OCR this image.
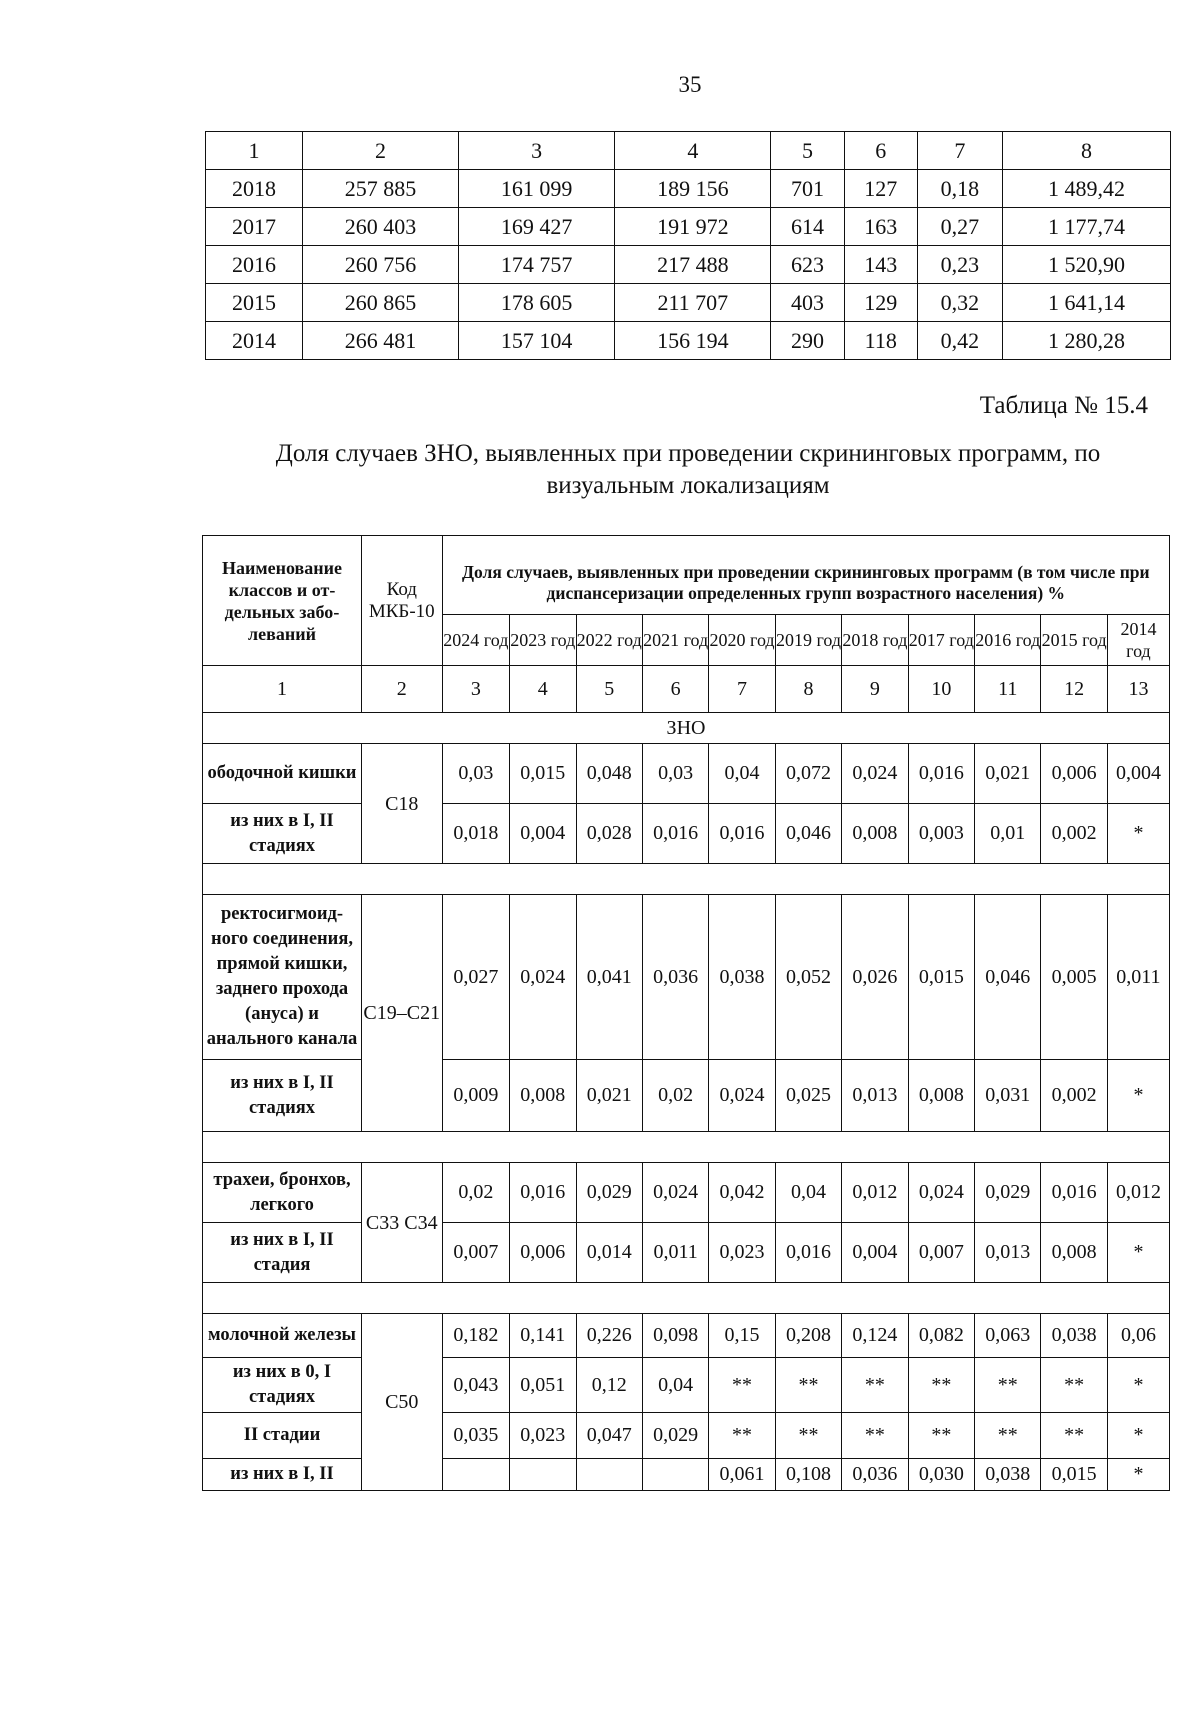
35
1	2	3	4	5	6	7	8
2018	257 885	161 099	189 156	701	127	0,18	1 489,42
2017	260 403	169 427	191 972	614	163	0,27	1 177,74
2016	260 756	174 757	217 488	623	143	0,23	1 520,90
2015	260 865	178 605	211 707	403	129	0,32	1 641,14
2014	266 481	157 104	156 194	290	118	0,42	1 280,28
Таблица № 15.4
Доля случаев ЗНО, выявленных при проведении скрининговых программ, по
визуальным локализациям
Наименование классов и отдельных заболеваний	Код МКБ-10	Доля случаев, выявленных при проведении скрининговых программ (в том числе при диспансеризации определенных групп возрастного населения) %										
		2024 год	2023 год	2022 год	2021 год	2020 год	2019 год	2018 год	2017 год	2016 год	2015 год	2014 год
1	2	3	4	5	6	7	8	9	10	11	12	13
ЗНО												
ободочной кишки	C18	0,03	0,015	0,048	0,03	0,04	0,072	0,024	0,016	0,021	0,006	0,004
из них в I, II стадиях		0,018	0,004	0,028	0,016	0,016	0,046	0,008	0,003	0,01	0,002	*

ректосигмоидного соединения, прямой кишки, заднего прохода (ануса) и анального канала	C19–C21	0,027	0,024	0,041	0,036	0,038	0,052	0,026	0,015	0,046	0,005	0,011
из них в I, II стадиях		0,009	0,008	0,021	0,02	0,024	0,025	0,013	0,008	0,031	0,002	*

трахеи, бронхов, легкого	C33 C34	0,02	0,016	0,029	0,024	0,042	0,04	0,012	0,024	0,029	0,016	0,012
из них в I, II стадия		0,007	0,006	0,014	0,011	0,023	0,016	0,004	0,007	0,013	0,008	*

молочной железы	C50	0,182	0,141	0,226	0,098	0,15	0,208	0,124	0,082	0,063	0,038	0,06
из них в 0, I стадиях		0,043	0,051	0,12	0,04	**	**	**	**	**	**	*
II стадии		0,035	0,023	0,047	0,029	**	**	**	**	**	**	*
из них в I, II						0,061	0,108	0,036	0,030	0,038	0,015	*
